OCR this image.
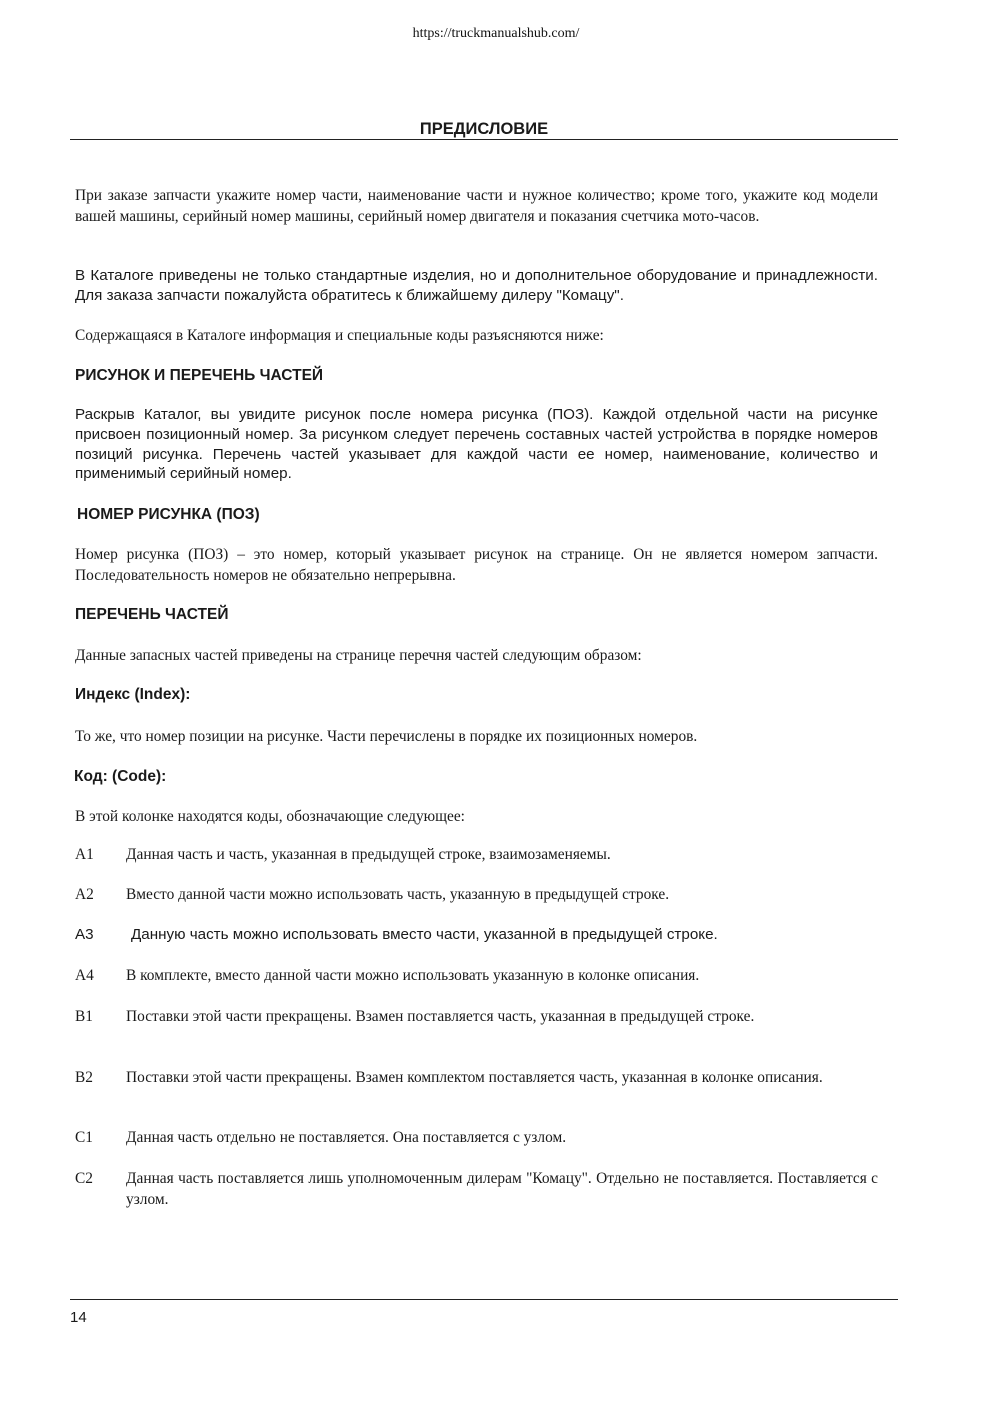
https://truckmanualshub.com/
ПРЕДИСЛОВИЕ
При заказе запчасти укажите номер части, наименование части и нужное количество; кроме того, укажите код модели вашей машины, серийный номер машины, серийный номер двигателя и показания счетчика мото-часов.
В Каталоге приведены не только стандартные изделия, но и дополнительное оборудование и принадлежности. Для заказа запчасти пожалуйста обратитесь к ближайшему дилеру "Комацу".
Содержащаяся в Каталоге информация и специальные коды разъясняются ниже:
РИСУНОК И ПЕРЕЧЕНЬ ЧАСТЕЙ
Раскрыв Каталог, вы увидите рисунок после номера рисунка (ПОЗ). Каждой отдельной части на рисунке присвоен позиционный номер. За рисунком следует перечень составных частей устройства в порядке номеров позиций рисунка. Перечень частей указывает для каждой части ее номер, наименование, количество и применимый серийный номер.
НОМЕР РИСУНКА (ПОЗ)
Номер рисунка (ПОЗ) – это номер, который указывает рисунок на странице. Он не является номером запчасти. Последовательность номеров не обязательно непрерывна.
ПЕРЕЧЕНЬ ЧАСТЕЙ
Данные запасных частей приведены на странице перечня частей следующим образом:
Индекс (Index):
То же, что номер позиции на рисунке. Части перечислены в порядке их позиционных номеров.
Код: (Code):
В этой колонке находятся коды, обозначающие следующее:
A1	Данная часть и часть, указанная в предыдущей строке, взаимозаменяемы.
A2	Вместо данной части можно использовать часть, указанную в предыдущей строке.
A3	Данную часть можно использовать вместо части, указанной в предыдущей строке.
A4	В комплекте, вместо данной части можно использовать указанную в колонке описания.
B1	Поставки этой части прекращены. Взамен поставляется часть, указанная в предыдущей строке.
B2	Поставки этой части прекращены. Взамен комплектом поставляется часть, указанная в колонке описания.
C1	Данная часть отдельно не поставляется. Она поставляется с узлом.
C2	Данная часть поставляется лишь уполномоченным дилерам "Комацу". Отдельно не поставляется. Поставляется с узлом.
14
